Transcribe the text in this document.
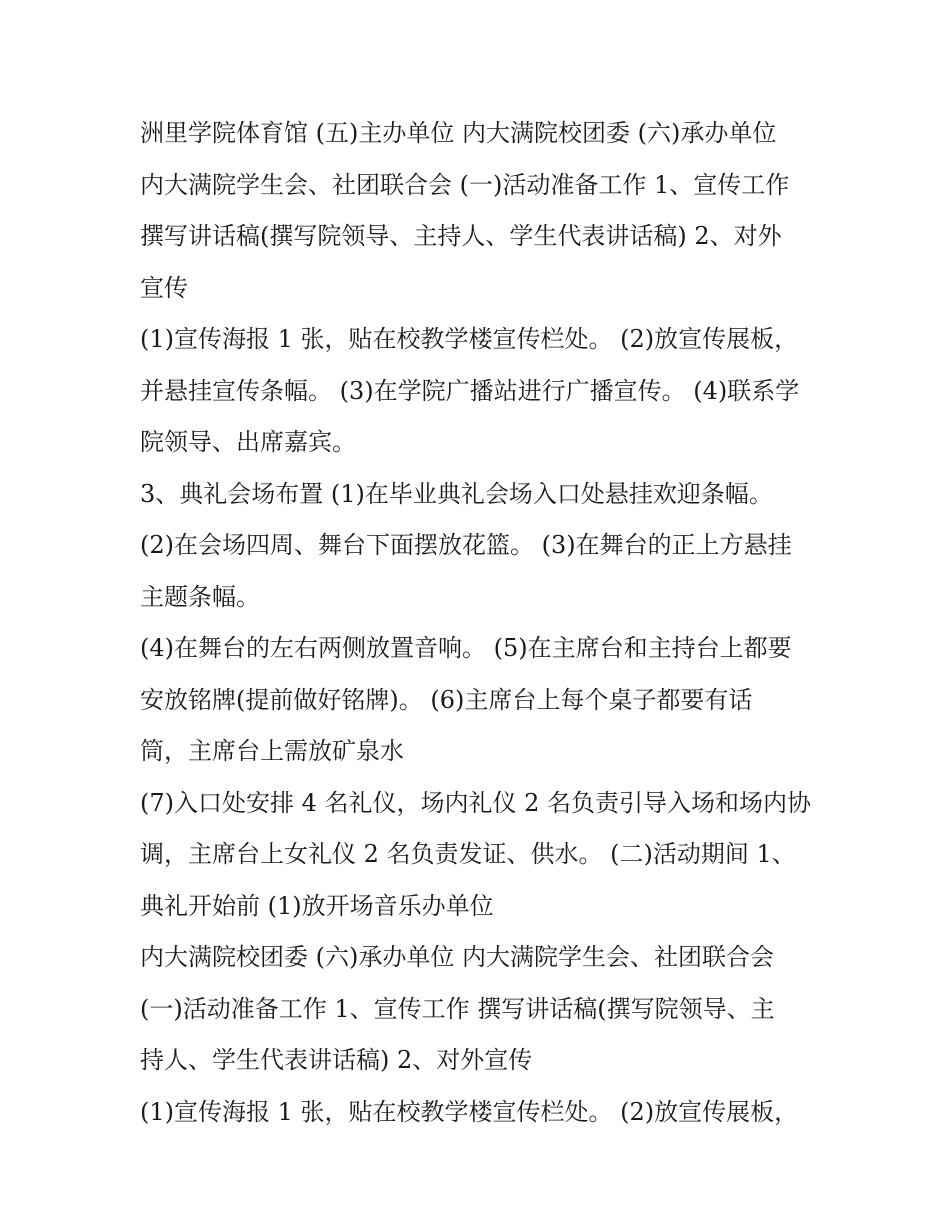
洲里学院体育馆 (五)主办单位 内大满院校团委 (六)承办单位
内大满院学生会、社团联合会 (一)活动准备工作 1、宣传工作
撰写讲话稿(撰写院领导、主持人、学生代表讲话稿) 2、对外
宣传
(1)宣传海报 1 张，贴在校教学楼宣传栏处。 (2)放宣传展板，
并悬挂宣传条幅。 (3)在学院广播站进行广播宣传。 (4)联系学
院领导、出席嘉宾。
3、典礼会场布置 (1)在毕业典礼会场入口处悬挂欢迎条幅。
(2)在会场四周、舞台下面摆放花篮。 (3)在舞台的正上方悬挂
主题条幅。
(4)在舞台的左右两侧放置音响。 (5)在主席台和主持台上都要
安放铭牌(提前做好铭牌)。 (6)主席台上每个桌子都要有话
筒，主席台上需放矿泉水
(7)入口处安排 4 名礼仪，场内礼仪 2 名负责引导入场和场内协
调，主席台上女礼仪 2 名负责发证、供水。 (二)活动期间 1、
典礼开始前 (1)放开场音乐办单位
内大满院校团委 (六)承办单位 内大满院学生会、社团联合会
(一)活动准备工作 1、宣传工作 撰写讲话稿(撰写院领导、主
持人、学生代表讲话稿) 2、对外宣传
(1)宣传海报 1 张，贴在校教学楼宣传栏处。 (2)放宣传展板，
